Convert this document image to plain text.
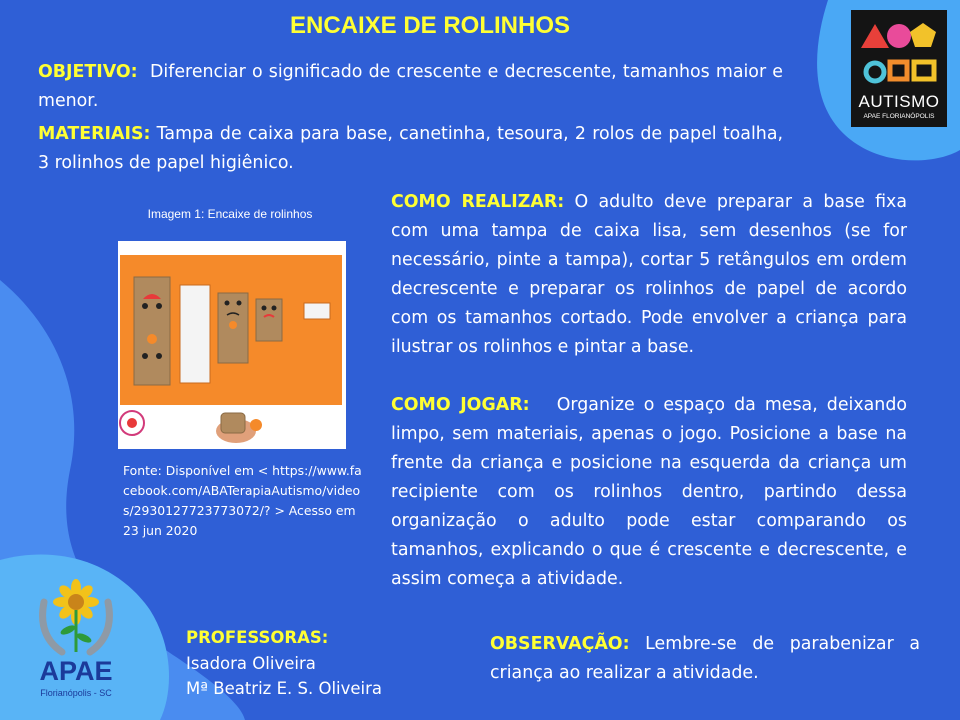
ENCAIXE DE ROLINHOS
AUTISMO
APAE FLORIANÓPOLIS
OBJETIVO: Diferenciar o significado de crescente e decrescente, tamanhos maior e menor.
MATERIAIS: Tampa de caixa para base, canetinha, tesoura, 2 rolos de papel toalha, 3 rolinhos de papel higiênico.
Imagem 1: Encaixe de rolinhos
Fonte: Disponível em < https://www.facebook.com/ABATerapiaAutismo/videos/2930127723773072/? > Acesso em 23 jun 2020
COMO REALIZAR: O adulto deve preparar a base fixa com uma tampa de caixa lisa, sem desenhos (se for necessário, pinte a tampa), cortar 5 retângulos em ordem decrescente e preparar os rolinhos de papel de acordo com os tamanhos cortado. Pode envolver a criança para ilustrar os rolinhos e pintar a base.
COMO JOGAR: Organize o espaço da mesa, deixando limpo, sem materiais, apenas o jogo. Posicione a base na frente da criança e posicione na esquerda da criança um recipiente com os rolinhos dentro, partindo dessa organização o adulto pode estar comparando os tamanhos, explicando o que é crescente e decrescente, e assim começa a atividade.
APAE
Florianópolis - SC
PROFESSORAS:
Isadora Oliveira
Mª Beatriz E. S. Oliveira
OBSERVAÇÃO: Lembre-se de parabenizar a criança ao realizar a atividade.
